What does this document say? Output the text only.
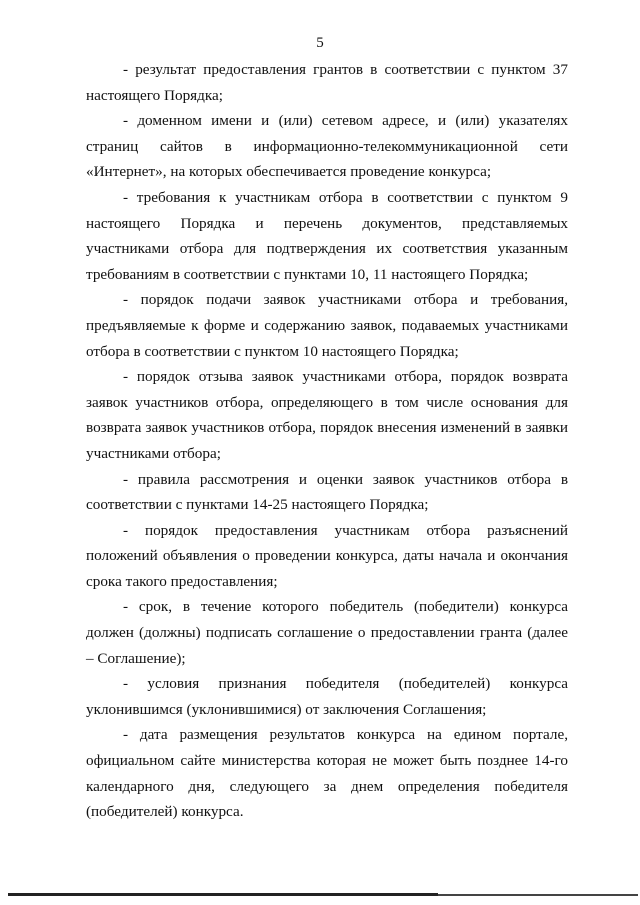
5

- результат предоставления грантов в соответствии с пунктом 37 настоящего Порядка;

- доменном имени и (или) сетевом адресе, и (или) указателях страниц сайтов в информационно-телекоммуникационной сети «Интернет», на которых обеспечивается проведение конкурса;

- требования к участникам отбора в соответствии с пунктом 9 настоящего Порядка и перечень документов, представляемых участниками отбора для подтверждения их соответствия указанным требованиям в соответствии с пунктами 10, 11 настоящего Порядка;

- порядок подачи заявок участниками отбора и требования, предъявляемые к форме и содержанию заявок, подаваемых участниками отбора в соответствии с пунктом 10 настоящего Порядка;

- порядок отзыва заявок участниками отбора, порядок возврата заявок участников отбора, определяющего в том числе основания для возврата заявок участников отбора, порядок внесения изменений в заявки участниками отбора;

- правила рассмотрения и оценки заявок участников отбора в соответствии с пунктами 14-25 настоящего Порядка;

- порядок предоставления участникам отбора разъяснений положений объявления о проведении конкурса, даты начала и окончания срока такого предоставления;

- срок, в течение которого победитель (победители) конкурса должен (должны) подписать соглашение о предоставлении гранта (далее – Соглашение);

- условия признания победителя (победителей) конкурса уклонившимся (уклонившимися) от заключения Соглашения;

- дата размещения результатов конкурса на едином портале, официальном сайте министерства которая не может быть позднее 14-го календарного дня, следующего за днем определения победителя (победителей) конкурса.
